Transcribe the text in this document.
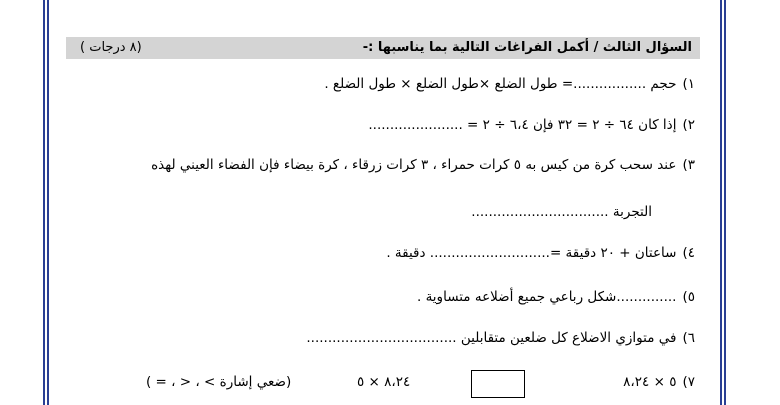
السؤال الثالث / أكمل الفراغات التالية بما يناسبها :-
(٨ درجات )
١)حجم .................= طول الضلع ×طول الضلع × طول الضلع .
٢)إذا كان ٦٤ ÷ ٢ = ٣٢ فإن ٦،٤ ÷ ٢ = ......................
٣)عند سحب كرة من كيس به ٥ كرات حمراء ، ٣ كرات زرقاء ، كرة بيضاء فإن الفضاء العيني لهذه
التجربة ................................
٤)ساعتان + ٢٠ دقيقة =............................ دقيقة .
٥)..............شكل رباعي جميع أضلاعه متساوية .
٦)في متوازي الاضلاع كل ضلعين متقابلين ...................................
٧)٥ × ٨،٢٤
٨،٢٤ × ٥
(ضعي إشارة > ، < ، = )
